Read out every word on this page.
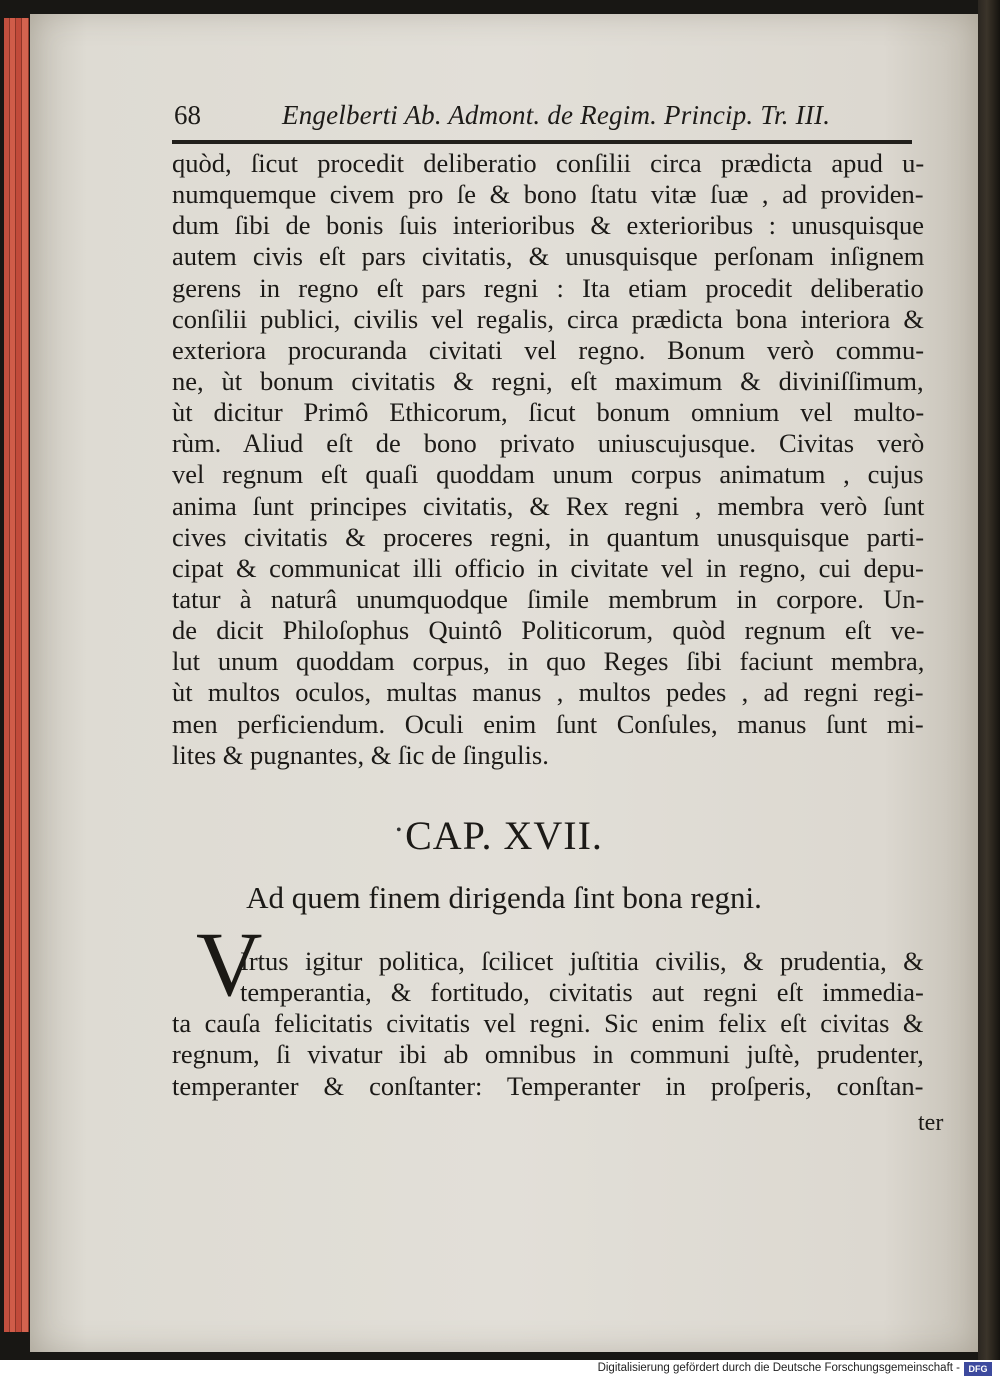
68	Engelberti Ab. Admont. de Regim. Princip. Tr. III.
quòd, ſicut procedit deliberatio conſilii circa prædicta apud u-
numquemque civem pro ſe & bono ſtatu vitæ ſuæ , ad providen-
dum ſibi de bonis ſuis interioribus & exterioribus : unusquisque
autem civis eſt pars civitatis, & unusquisque perſonam inſignem
gerens in regno eſt pars regni : Ita etiam procedit deliberatio
conſilii publici, civilis vel regalis, circa prædicta bona interiora &
exteriora procuranda civitati vel regno. Bonum verò commu-
ne, ùt bonum civitatis & regni, eſt maximum & diviniſſimum,
ùt dicitur Primô Ethicorum, ſicut bonum omnium vel multo-
rùm. Aliud eſt de bono privato uniuscujusque. Civitas verò
vel regnum eſt quaſi quoddam unum corpus animatum , cujus
anima ſunt principes civitatis, & Rex regni , membra verò ſunt
cives civitatis & proceres regni, in quantum unusquisque parti-
cipat & communicat illi officio in civitate vel in regno, cui depu-
tatur à naturâ unumquodque ſimile membrum in corpore. Un-
de dicit Philoſophus Quintô Politicorum, quòd regnum eſt ve-
lut unum quoddam corpus, in quo Reges ſibi faciunt membra,
ùt multos oculos, multas manus , multos pedes , ad regni regi-
men perficiendum. Oculi enim ſunt Conſules, manus ſunt mi-
lites & pugnantes, & ſic de ſingulis.
• CAP. XVII.
Ad quem finem dirigenda ſint bona regni.
V
Irtus igitur politica, ſcilicet juſtitia civilis, & prudentia, &
temperantia, & fortitudo, civitatis aut regni eſt immedia-
ta cauſa felicitatis civitatis vel regni. Sic enim felix eſt civitas &
regnum, ſi vivatur ibi ab omnibus in communi juſtè, prudenter,
temperanter & conſtanter: Temperanter in proſperis, conſtan-
ter
Digitalisierung gefördert durch die Deutsche Forschungsgemeinschaft - DFG
